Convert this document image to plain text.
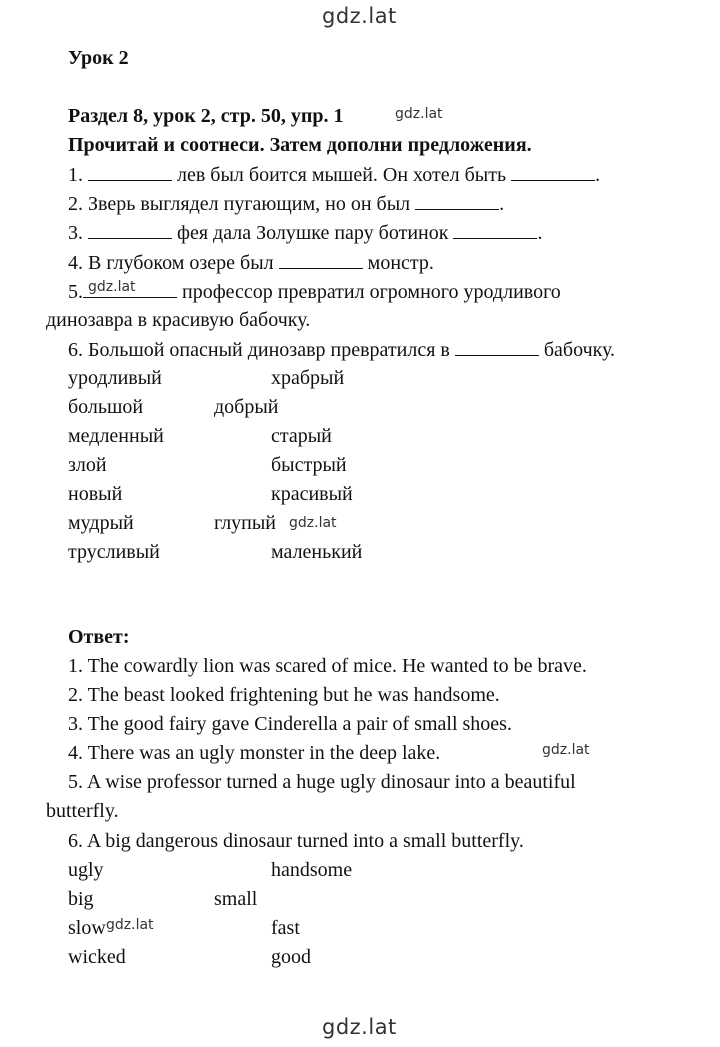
gdz.lat
gdz.lat
gdz.lat
gdz.lat
gdz.lat
gdz.lat
gdz.lat
Урок 2
Раздел 8, урок 2, стр. 50, упр. 1
Прочитай и соотнеси. Затем дополни предложения.
1.	лев был боится мышей. Он хотел быть	.
2. Зверь выглядел пугающим, но он был	.
3.	фея дала Золушке пару ботинок	.
4. В глубоком озере был	монстр.
5.	профессор превратил огромного уродливого
динозавра в красивую бабочку.
6. Большой опасный динозавр превратился в	бабочку.
уродливый	храбрый
большой	добрый
медленный	старый
злой	быстрый
новый	красивый
мудрый	глупый
трусливый	маленький
Ответ:
1. The cowardly lion was scared of mice. He wanted to be brave.
2. The beast looked frightening but he was handsome.
3. The good fairy gave Cinderella a pair of small shoes.
4. There was an ugly monster in the deep lake.
5. A wise professor turned a huge ugly dinosaur into a beautiful
butterfly.
6. A big dangerous dinosaur turned into a small butterfly.
ugly	handsome
big	small
slow	fast
wicked	good
